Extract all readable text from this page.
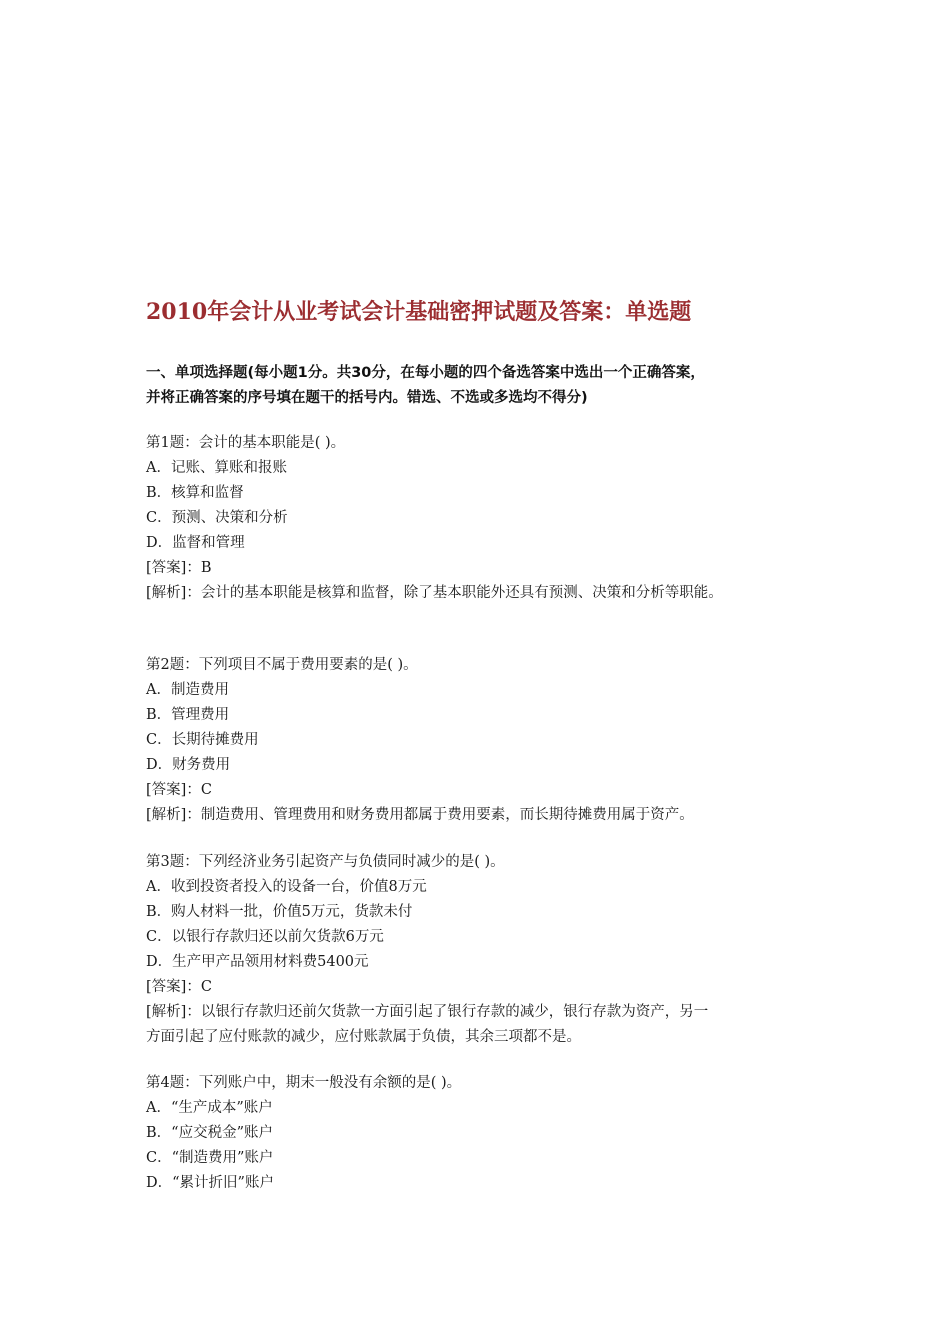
2010年会计从业考试会计基础密押试题及答案：单选题
一、单项选择题(每小题1分。共30分，在每小题的四个备选答案中选出一个正确答案，
并将正确答案的序号填在题干的括号内。错选、不选或多选均不得分)
第1题：会计的基本职能是( )。
A．记账、算账和报账
B．核算和监督
C．预测、决策和分析
D．监督和管理
[答案]：B
[解析]：会计的基本职能是核算和监督，除了基本职能外还具有预测、决策和分析等职能。
第2题：下列项目不属于费用要素的是( )。
A．制造费用
B．管理费用
C．长期待摊费用
D．财务费用
[答案]：C
[解析]：制造费用、管理费用和财务费用都属于费用要素，而长期待摊费用属于资产。
第3题：下列经济业务引起资产与负债同时减少的是( )。
A．收到投资者投入的设备一台，价值8万元
B．购人材料一批，价值5万元，货款未付
C．以银行存款归还以前欠货款6万元
D．生产甲产品领用材料费5400元
[答案]：C
[解析]：以银行存款归还前欠货款一方面引起了银行存款的减少，银行存款为资产，另一
方面引起了应付账款的减少，应付账款属于负债，其余三项都不是。
第4题：下列账户中，期末一般没有余额的是( )。
A．“生产成本”账户
B．“应交税金”账户
C．“制造费用”账户
D．“累计折旧”账户
